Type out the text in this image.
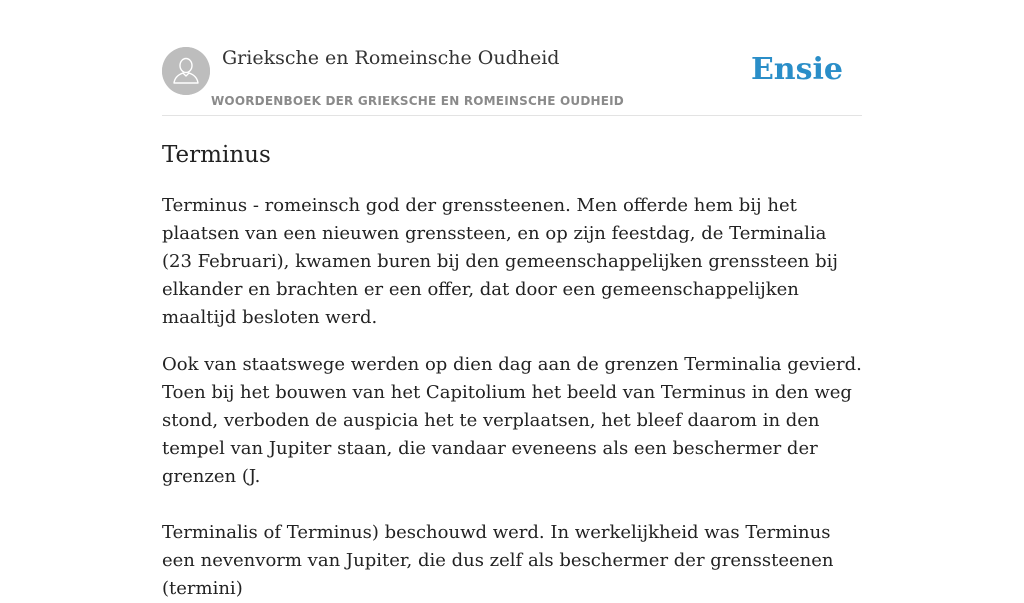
Grieksche en Romeinsche Oudheid
WOORDENBOEK DER GRIEKSCHE EN ROMEINSCHE OUDHEID
Ensie
Terminus

Terminus - romeinsch god der grenssteenen. Men offerde hem bij het plaatsen van een nieuwen grenssteen, en op zijn feestdag, de Terminalia (23 Februari), kwamen buren bij den gemeenschappelijken grenssteen bij elkander en brachten er een offer, dat door een gemeenschappelijken maaltijd besloten werd.

Ook van staatswege werden op dien dag aan de grenzen Terminalia gevierd. Toen bij het bouwen van het Capitolium het beeld van Terminus in den weg stond, verboden de auspicia het te verplaatsen, het bleef daarom in den tempel van Jupiter staan, die vandaar eveneens als een beschermer der grenzen (J.

Terminalis of Terminus) beschouwd werd. In werkelijkheid was Terminus een nevenvorm van Jupiter, die dus zelf als beschermer der grenssteenen (termini)
